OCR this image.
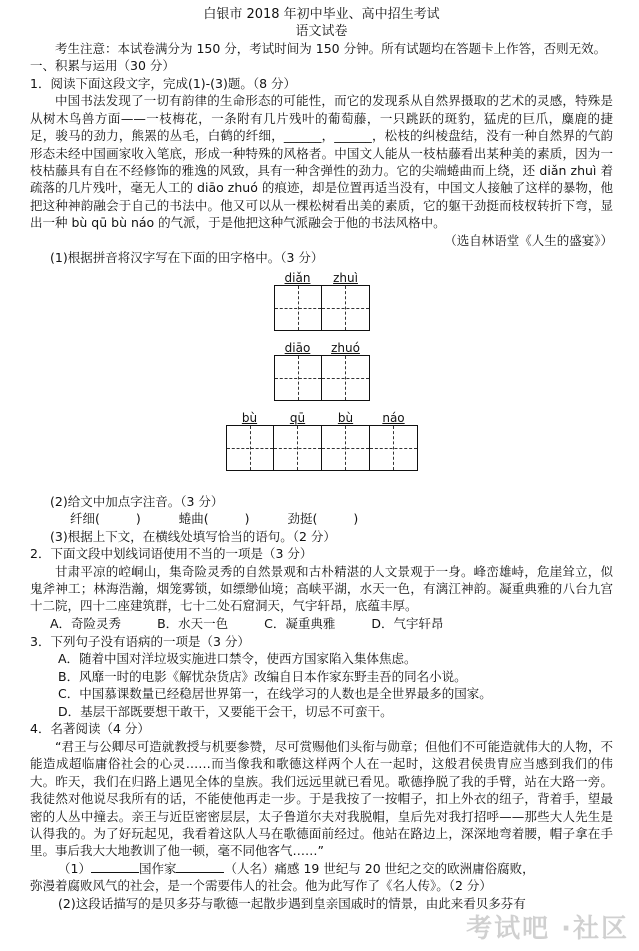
白银市 2018 年初中毕业、高中招生考试
语文试卷
考生注意：本试卷满分为 150 分，考试时间为 150 分钟。所有试题均在答题卡上作答，否则无效。
一、积累与运用（30 分）
1．阅读下面这段文字，完成(1)-(3)题。（8 分）
中国书法发现了一切有韵律的生命形态的可能性，而它的发现系从自然界摄取的艺术的灵感，特殊是从树木鸟兽方面——一枝梅花，一条附有几片残叶的葡萄藤，一只跳跃的斑豹，猛虎的巨爪，麋鹿的捷足，骏马的劲力，熊罴的丛毛，白鹤的纤细，______，______，松枝的纠棱盘结，没有一种自然界的气韵形态未经中国画家收入笔底，形成一种特殊的风格者。中国文人能从一枝枯藤看出某种美的素质，因为一枝枯藤具有自在不经修饰的雅逸的风致，具有一种含弹性的劲力。它的尖端蜷曲而上绕，还 diǎn zhuì 着疏落的几片残叶，毫无人工的 diāo zhuó 的痕迹，却是位置再适当没有，中国文人接触了这样的暴物，他把这种神韵融会于自己的书法中。他又可以从一棵松树看出美的素质，它的躯干劲挺而枝杈转折下弯，显出一种 bù qū bù náo 的气派，于是他把这种气派融会于他的书法风格中。
（选自林语堂《人生的盛宴》）
(1)根据拼音将汉字写在下面的田字格中。（3 分）
diǎn zhuì
diāo zhuó
bù	qū	bù náo
(2)给文中加点字注音。（3 分）
纤细(	)	蜷曲(	)	劲挺(	)
(3)根据上下文，在横线处填写恰当的语句。（2 分）
2．下面文段中划线词语使用不当的一项是（3 分）
甘肃平凉的崆峒山，集奇险灵秀的自然景观和古朴精湛的人文景观于一身。峰峦雄峙，危崖耸立，似鬼斧神工；林海浩瀚，烟笼雾锁，如缥缈仙境；高峡平湖，水天一色，有漓江神韵。凝重典雅的八台九宫十二院，四十二座建筑群，七十二处石窟洞天，气宇轩昂，底蕴丰厚。
A．奇险灵秀	B．水天一色	C．凝重典雅	D．气宇轩昂
3．下列句子没有语病的一项是（3 分）
A．随着中国对洋垃圾实施进口禁令，使西方国家陷入集体焦虑。
B．风靡一时的电影《解忧杂货店》改编自日本作家东野圭吾的同名小说。
C．中国慕课数量已经稳居世界第一，在线学习的人数也是全世界最多的国家。
D．基层干部既要想干敢干，又要能干会干，切忌不可蛮干。
4．名著阅读（4 分）
“君王与公卿尽可造就教授与机要参赞，尽可赏赐他们头衔与勋章；但他们不可能造就伟大的人物，不能造成超临庸俗社会的心灵……而当像我和歌德这样两个人在一起时，这般君侯贵胄应当感到我们的伟大。昨天，我们在归路上遇见全体的皇族。我们远远里就已看见。歌德挣脱了我的手臂，站在大路一旁。我徒然对他说尽我所有的话，不能使他再走一步。于是我按了一按帽子，扣上外衣的纽子，背着手，望最密的人丛中撞去。亲王与近臣密密层层，太子鲁道尔夫对我脱帽，皇后先对我打招呼——那些大人先生是认得我的。为了好玩起见，我看着这队人马在歌德面前经过。他站在路边上，深深地弯着腰，帽子拿在手里。事后我大大地教训了他一顿，毫不同他客气……”
（1）	国作家	（人名）痛感 19 世纪与 20 世纪之交的欧洲庸俗腐败，
弥漫着腐败风气的社会，是一个需要伟人的社会。他为此写作了《名人传》。（2 分）
(2)这段话描写的是贝多芬与歌德一起散步遇到皇亲国戚时的情景，由此来看贝多芬有
考试吧 ·社区
